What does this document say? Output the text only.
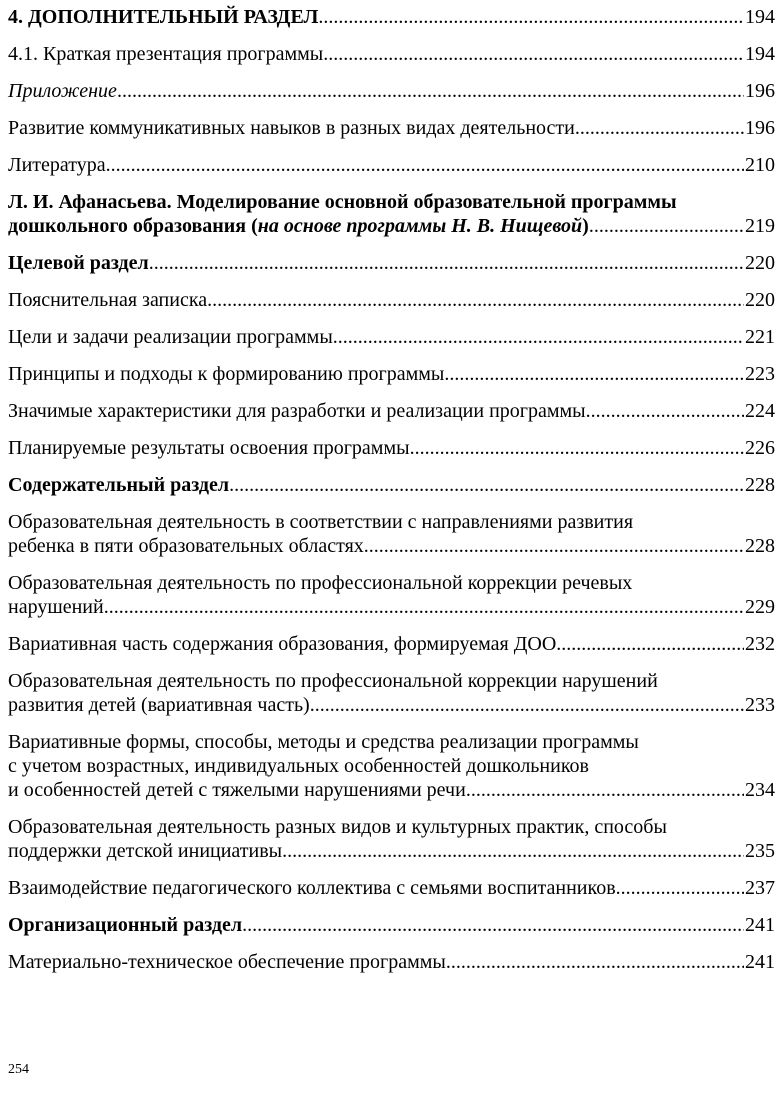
4. ДОПОЛНИТЕЛЬНЫЙ РАЗДЕЛ .....	194
4.1. Краткая презентация программы .....	194
Приложение .....	196
Развитие коммуникативных навыков в разных видах деятельности .....	196
Литература .....	210
Л. И. Афанасьева. Моделирование основной образовательной программы
дошкольного образования (на основе программы Н. В. Нищевой) .....	219
Целевой раздел .....	220
Пояснительная записка .....	220
Цели и задачи реализации программы .....	221
Принципы и подходы к формированию программы .....	223
Значимые характеристики для разработки и реализации программы .....	224
Планируемые результаты освоения программы .....	226
Содержательный раздел .....	228
Образовательная деятельность в соответствии с направлениями развития
ребенка в пяти образовательных областях .....	228
Образовательная деятельность по профессиональной коррекции речевых
нарушений .....	229
Вариативная часть содержания образования, формируемая ДОО .....	232
Образовательная деятельность по профессиональной коррекции нарушений
развития детей (вариативная часть) .....	233
Вариативные формы, способы, методы и средства реализации программы
с учетом возрастных, индивидуальных особенностей дошкольников
и особенностей детей с тяжелыми нарушениями речи .....	234
Образовательная деятельность разных видов и культурных практик, способы
поддержки детской инициативы .....	235
Взаимодействие педагогического коллектива с семьями воспитанников .....	237
Организационный раздел .....	241
Материально-техническое обеспечение программы .....	241
254
